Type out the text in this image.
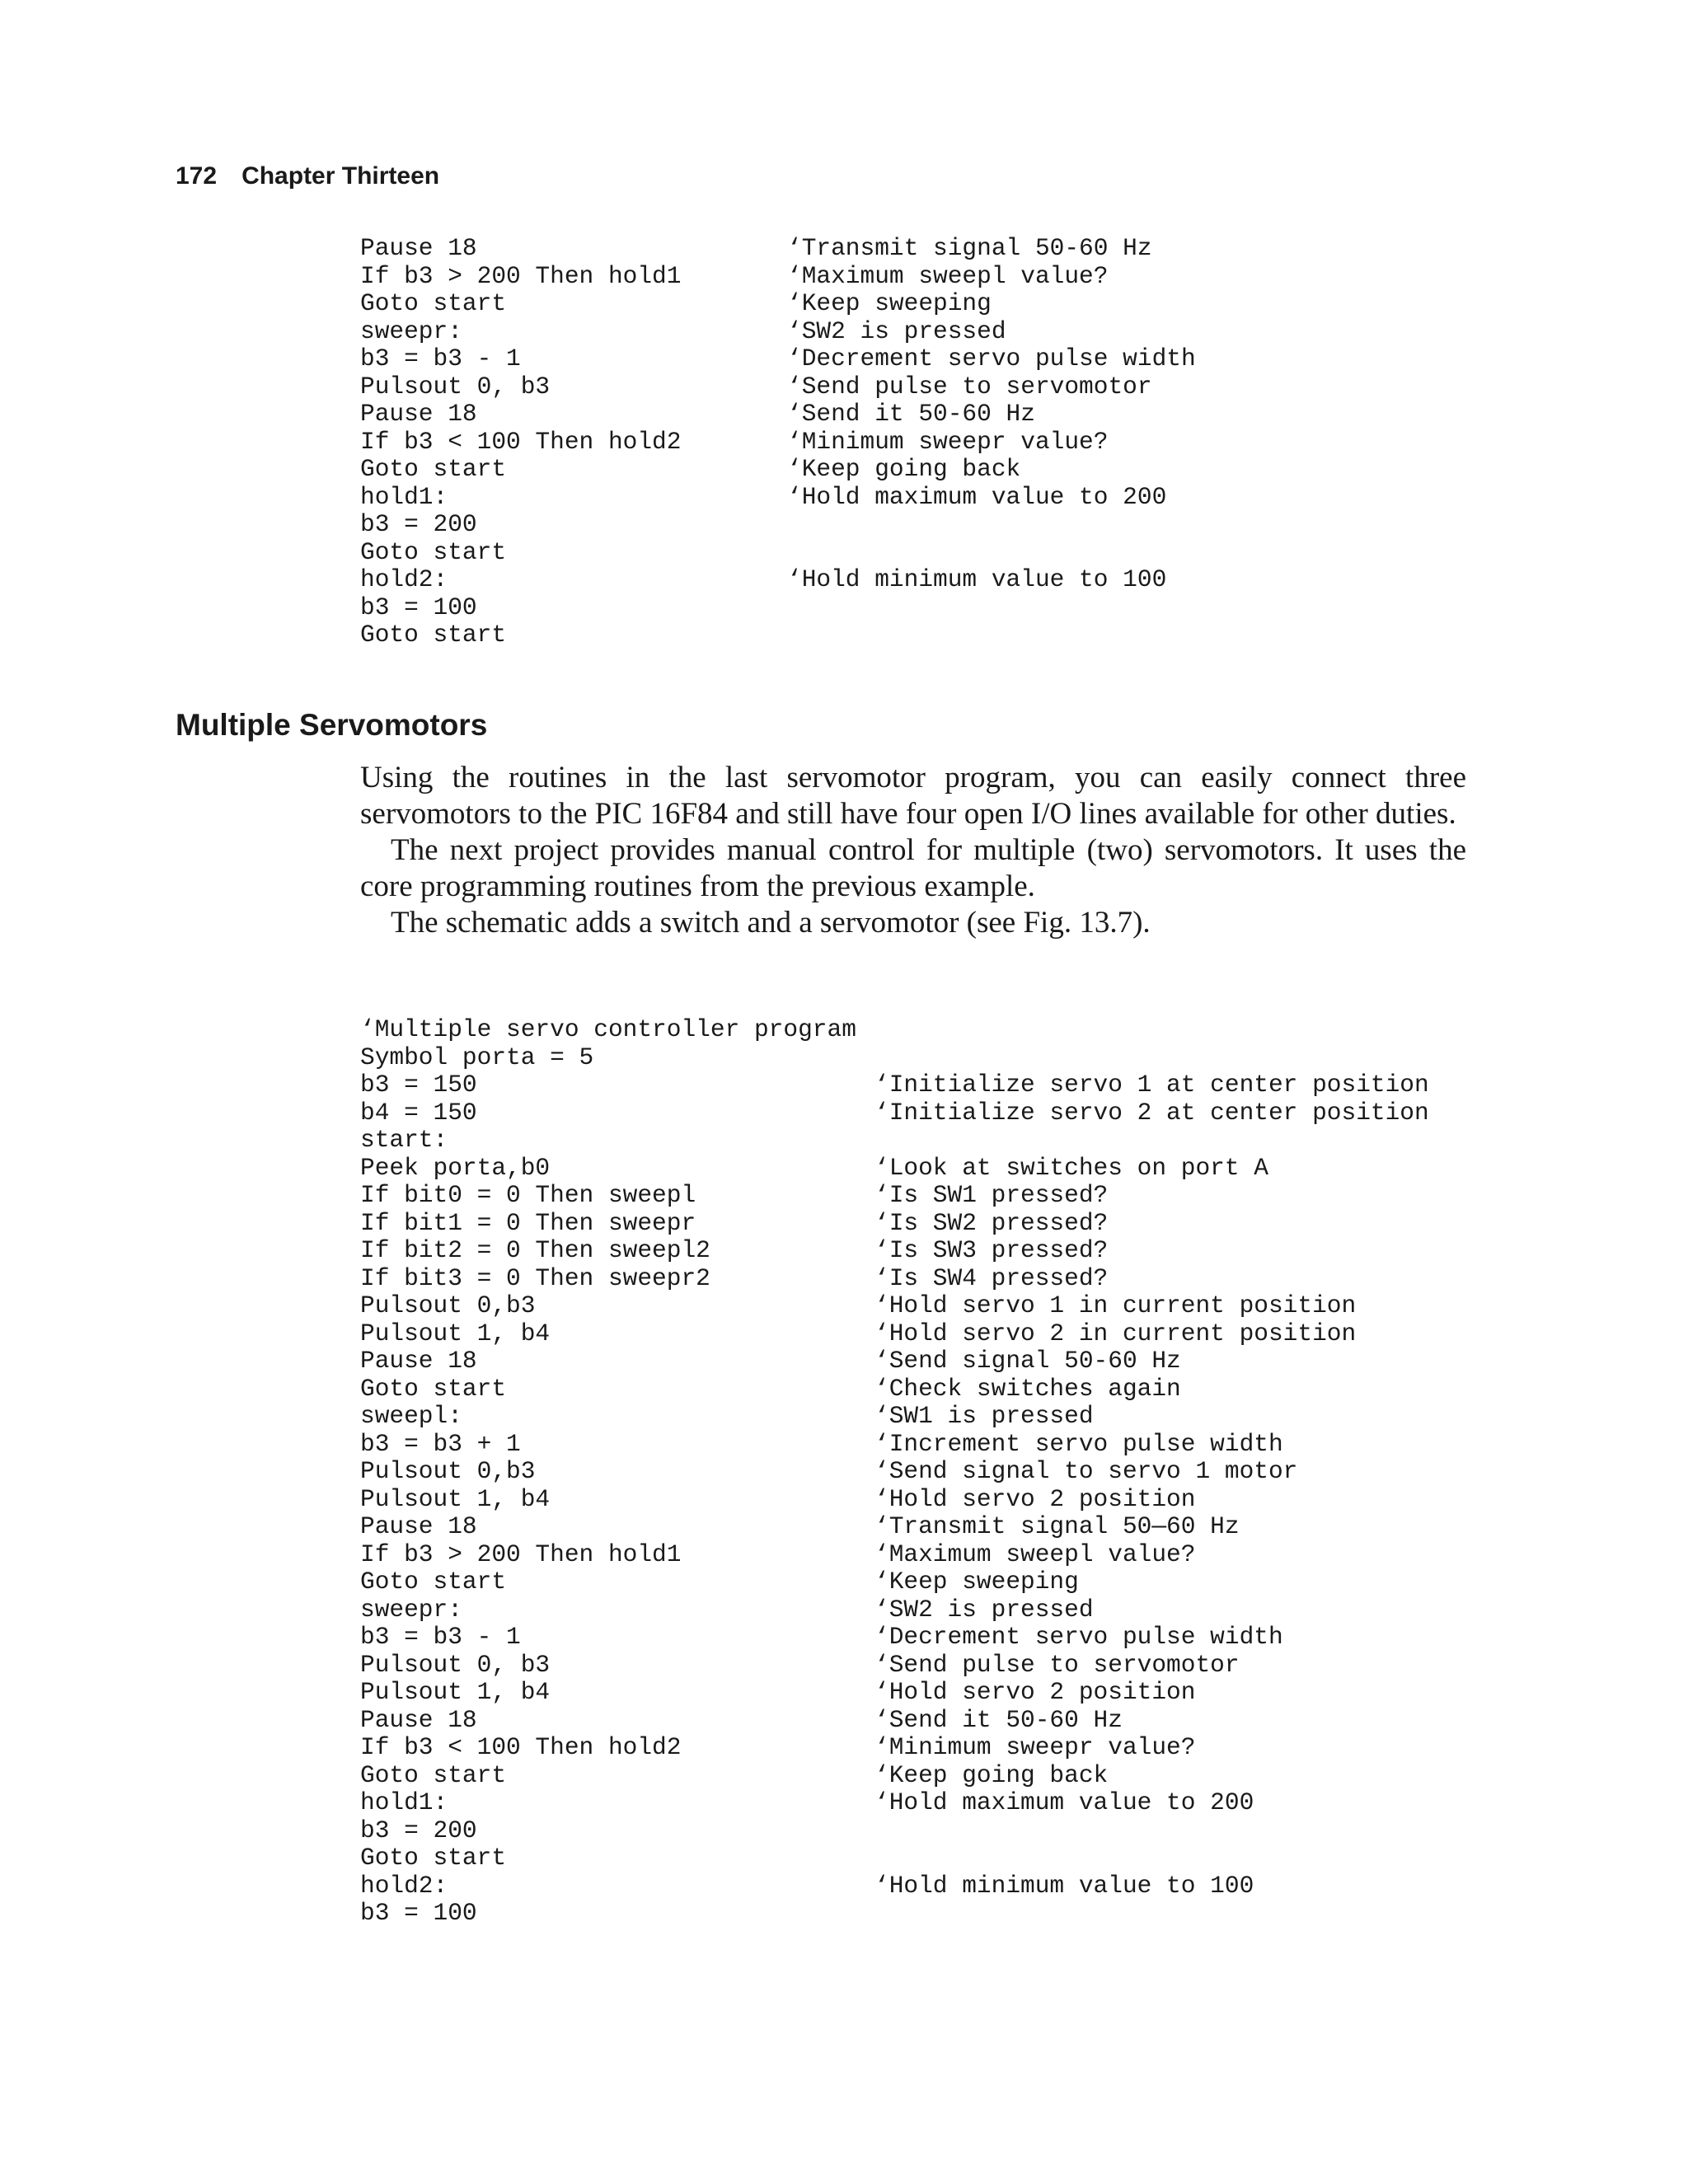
172 Chapter Thirteen
Pause 18	‘Transmit signal 50-60 Hz
If b3 > 200 Then hold1	‘Maximum sweepl value?
Goto start	‘Keep sweeping
sweepr:	‘SW2 is pressed
b3 = b3 - 1	‘Decrement servo pulse width
Pulsout 0, b3	‘Send pulse to servomotor
Pause 18	‘Send it 50-60 Hz
If b3 < 100 Then hold2	‘Minimum sweepr value?
Goto start	‘Keep going back
hold1:	‘Hold maximum value to 200
b3 = 200
Goto start
hold2:	‘Hold minimum value to 100
b3 = 100
Goto start
Multiple Servomotors

Using the routines in the last servomotor program, you can easily connect three servomotors to the PIC 16F84 and still have four open I/O lines available for other duties.

The next project provides manual control for multiple (two) servomotors. It uses the core programming routines from the previous example.

The schematic adds a switch and a servomotor (see Fig. 13.7).

‘Multiple servo controller program
Symbol porta = 5
b3 = 150	‘Initialize servo 1 at center position
b4 = 150	‘Initialize servo 2 at center position
start:
Peek porta,b0	‘Look at switches on port A
If bit0 = 0 Then sweepl	‘Is SW1 pressed?
If bit1 = 0 Then sweepr	‘Is SW2 pressed?
If bit2 = 0 Then sweepl2	‘Is SW3 pressed?
If bit3 = 0 Then sweepr2	‘Is SW4 pressed?
Pulsout 0,b3	‘Hold servo 1 in current position
Pulsout 1, b4	‘Hold servo 2 in current position
Pause 18	‘Send signal 50-60 Hz
Goto start	‘Check switches again
sweepl:	‘SW1 is pressed
b3 = b3 + 1	‘Increment servo pulse width
Pulsout 0,b3	‘Send signal to servo 1 motor
Pulsout 1, b4	‘Hold servo 2 position
Pause 18	‘Transmit signal 50—60 Hz
If b3 > 200 Then hold1	‘Maximum sweepl value?
Goto start	‘Keep sweeping
sweepr:	‘SW2 is pressed
b3 = b3 - 1	‘Decrement servo pulse width
Pulsout 0, b3	‘Send pulse to servomotor
Pulsout 1, b4	‘Hold servo 2 position
Pause 18	‘Send it 50-60 Hz
If b3 < 100 Then hold2	‘Minimum sweepr value?
Goto start	‘Keep going back
hold1:	‘Hold maximum value to 200
b3 = 200
Goto start
hold2:	‘Hold minimum value to 100
b3 = 100
